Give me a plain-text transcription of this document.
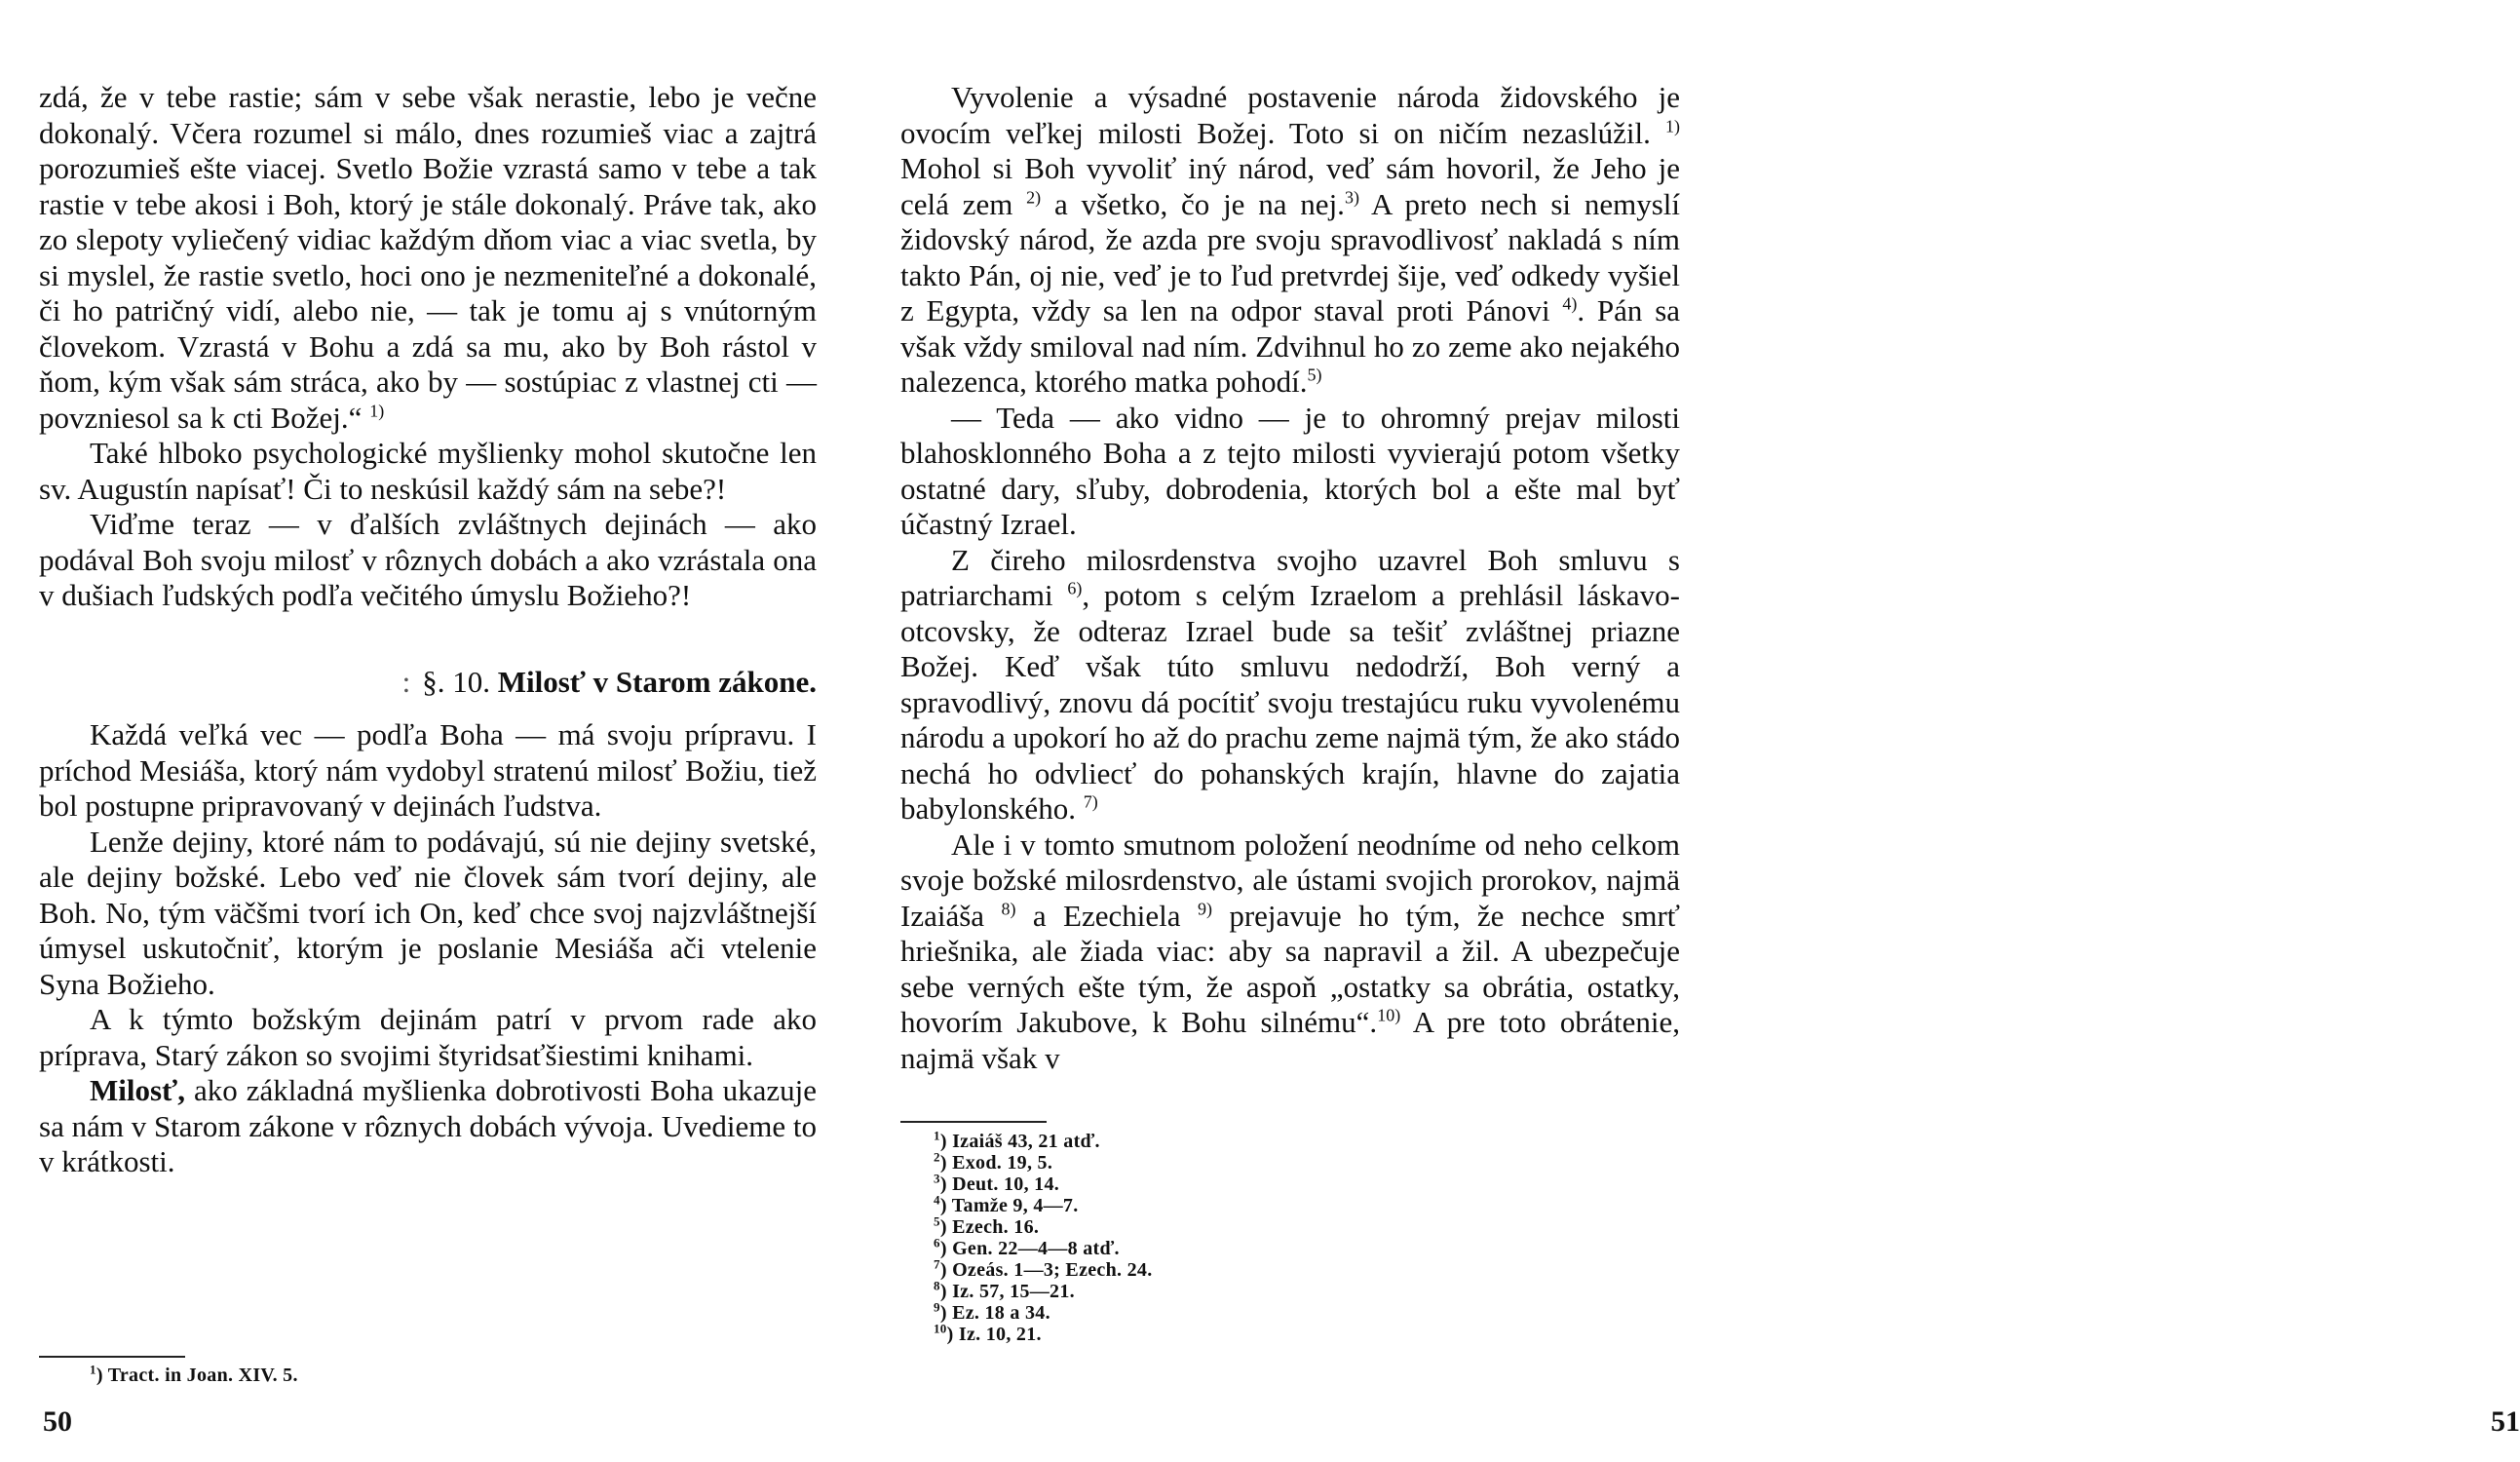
zdá, že v tebe rastie; sám v sebe však nerastie, lebo je večne dokonalý. Včera rozumel si málo, dnes rozumieš viac a zajtrá porozumieš ešte viacej. Svetlo Božie vzrastá samo v tebe a tak rastie v tebe akosi i Boh, ktorý je stále dokonalý. Práve tak, ako zo slepoty vyliečený vidiac každým dňom viac a viac svetla, by si myslel, že rastie svetlo, hoci ono je nezmeniteľné a dokonalé, či ho patričný vidí, alebo nie, — tak je tomu aj s vnútorným človekom. Vzrastá v Bohu a zdá sa mu, ako by Boh rástol v ňom, kým však sám stráca, ako by — sostúpiac z vlastnej cti — povzniesol sa k cti Božej.“ $^{1)}$

Také hlboko psychologické myšlienky mohol skutočne len sv. Augustín napísať! Či to neskúsil každý sám na sebe?!

Viďme teraz — v ďalších zvláštnych dejinách — ako podával Boh svoju milosť v rôznych dobách a ako vzrástala ona v dušiach ľudských podľa večitého úmyslu Božieho?!

: §. 10. Milosť v Starom zákone.

Každá veľká vec — podľa Boha — má svoju prípravu. I príchod Mesiáša, ktorý nám vydobyl stratenú milosť Božiu, tiež bol postupne pripravovaný v dejinách ľudstva.

Lenže dejiny, ktoré nám to podávajú, sú nie dejiny svetské, ale dejiny božské. Lebo veď nie človek sám tvorí dejiny, ale Boh. No, tým väčšmi tvorí ich On, keď chce svoj najzvláštnejší úmysel uskutočniť, ktorým je poslanie Mesiáša ači vtelenie Syna Božieho.

A k týmto božským dejinám patrí v prvom rade ako príprava, Starý zákon so svojimi štyridsaťšiestimi knihami.

Milosť, ako základná myšlienka dobrotivosti Boha ukazuje sa nám v Starom zákone v rôznych dobách vývoja. Uvedieme to v krátkosti.

$^1$) Tract. in Joan. XIV. 5.
50

Vyvolenie a výsadné postavenie národa židovského je ovocím veľkej milosti Božej. Toto si on ničím nezaslúžil. $^{1)}$ Mohol si Boh vyvoliť iný národ, veď sám hovoril, že Jeho je celá zem $^{2)}$ a všetko, čo je na nej.$^{3)}$ A preto nech si nemyslí židovský národ, že azda pre svoju spravodlivosť nakladá s ním takto Pán, oj nie, veď je to ľud pretvrdej šije, veď odkedy vyšiel z Egypta, vždy sa len na odpor staval proti Pánovi $^{4)}$. Pán sa však vždy smiloval nad ním. Zdvihnul ho zo zeme ako nejakého nalezenca, ktorého matka pohodí.$^{5)}$

— Teda — ako vidno — je to ohromný prejav milosti blahosklonného Boha a z tejto milosti vyvierajú potom všetky ostatné dary, sľuby, dobrodenia, ktorých bol a ešte mal byť účastný Izrael.

Z čireho milosrdenstva svojho uzavrel Boh smluvu s patriarchami $^{6)}$, potom s celým Izraelom a prehlásil láskavo-otcovsky, že odteraz Izrael bude sa tešiť zvláštnej priazne Božej. Keď však túto smluvu nedodrží, Boh verný a spravodlivý, znovu dá pocítiť svoju trestajúcu ruku vyvolenému národu a upokorí ho až do prachu zeme najmä tým, že ako stádo nechá ho odvliecť do pohanských krajín, hlavne do zajatia babylonského. $^{7)}$

Ale i v tomto smutnom položení neodníme od neho celkom svoje božské milosrdenstvo, ale ústami svojich prorokov, najmä Izaiáša $^{8)}$ a Ezechiela $^{9)}$ prejavuje ho tým, že nechce smrť hriešnika, ale žiada viac: aby sa napravil a žil. A ubezpečuje sebe verných ešte tým, že aspoň „ostatky sa obrátia, ostatky, hovorím Jakubove, k Bohu silnému“.$^{10)}$ A pre toto obrátenie, najmä však v

51
$^1$) Izaiáš 43, 21 atď.
$^2$) Exod. 19, 5.
$^3$) Deut. 10, 14.
$^4$) Tamže 9, 4—7.
$^5$) Ezech. 16.
$^6$) Gen. 22—4—8 atď.
$^7$) Ozeás. 1—3; Ezech. 24.
$^8$) Iz. 57, 15—21.
$^9$) Ez. 18 a 34.
$^{10}$) Iz. 10, 21.
